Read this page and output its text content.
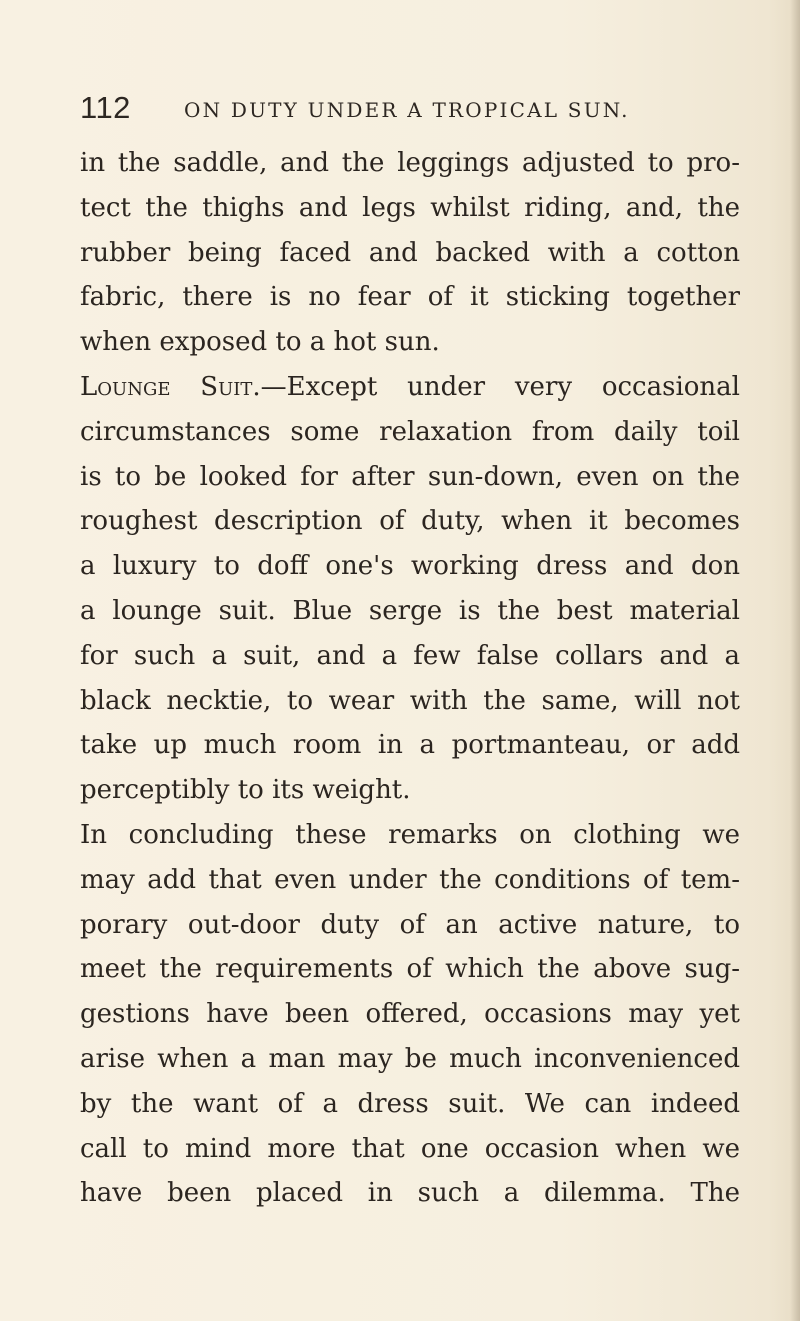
112	ON DUTY UNDER A TROPICAL SUN.
in the saddle, and the leggings adjusted to pro-
tect the thighs and legs whilst riding, and, the
rubber being faced and backed with a cotton
fabric, there is no fear of it sticking together
when exposed to a hot sun.
Lounge Suit.—Except under very occasional
circumstances some relaxation from daily toil
is to be looked for after sun-down, even on the
roughest description of duty, when it becomes
a luxury to doff one's working dress and don
a lounge suit. Blue serge is the best material
for such a suit, and a few false collars and a
black necktie, to wear with the same, will not
take up much room in a portmanteau, or add
perceptibly to its weight.
In concluding these remarks on clothing we
may add that even under the conditions of tem-
porary out-door duty of an active nature, to
meet the requirements of which the above sug-
gestions have been offered, occasions may yet
arise when a man may be much inconvenienced
by the want of a dress suit. We can indeed
call to mind more that one occasion when we
have been placed in such a dilemma. The
